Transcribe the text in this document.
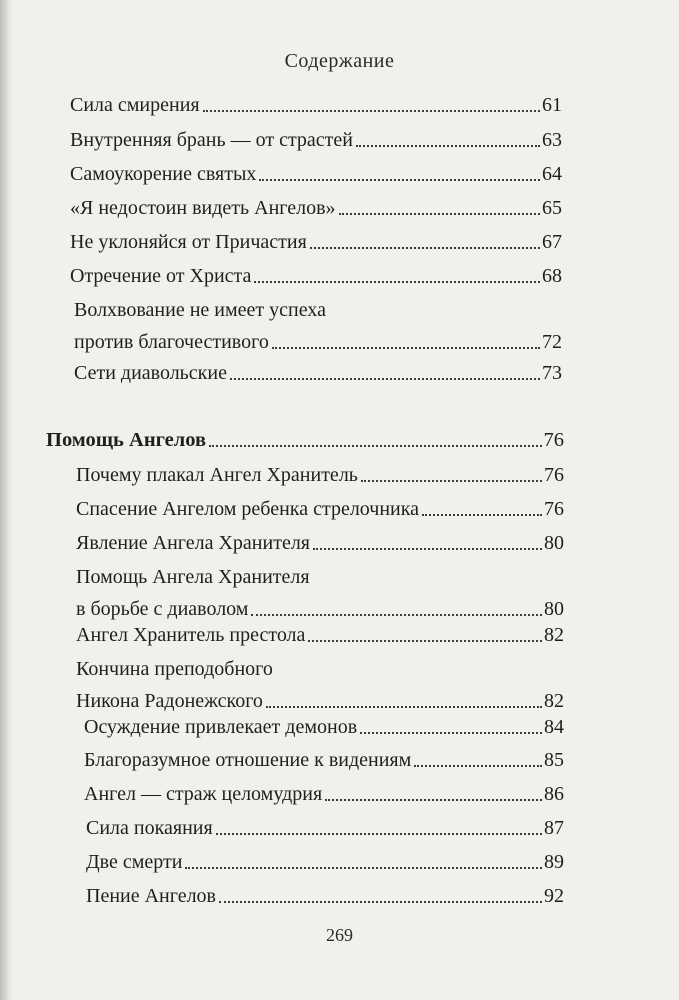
Содержание
Сила смирения	61
Внутренняя брань — от страстей	63
Самоукорение святых	64
«Я недостоин видеть Ангелов»	65
Не уклоняйся от Причастия	67
Отречение от Христа	68
Волхвование не имеет успеха
против благочестивого	72
Сети диавольские	73
Помощь Ангелов	76
Почему плакал Ангел Хранитель	76
Спасение Ангелом ребенка стрелочника	76
Явление Ангела Хранителя	80
Помощь Ангела Хранителя
в борьбе с диаволом	80
Ангел Хранитель престола	82
Кончина преподобного
Никона Радонежского	82
Осуждение привлекает демонов	84
Благоразумное отношение к видениям	85
Ангел — страж целомудрия	86
Сила покаяния	87
Две смерти	89
Пение Ангелов	92
269
